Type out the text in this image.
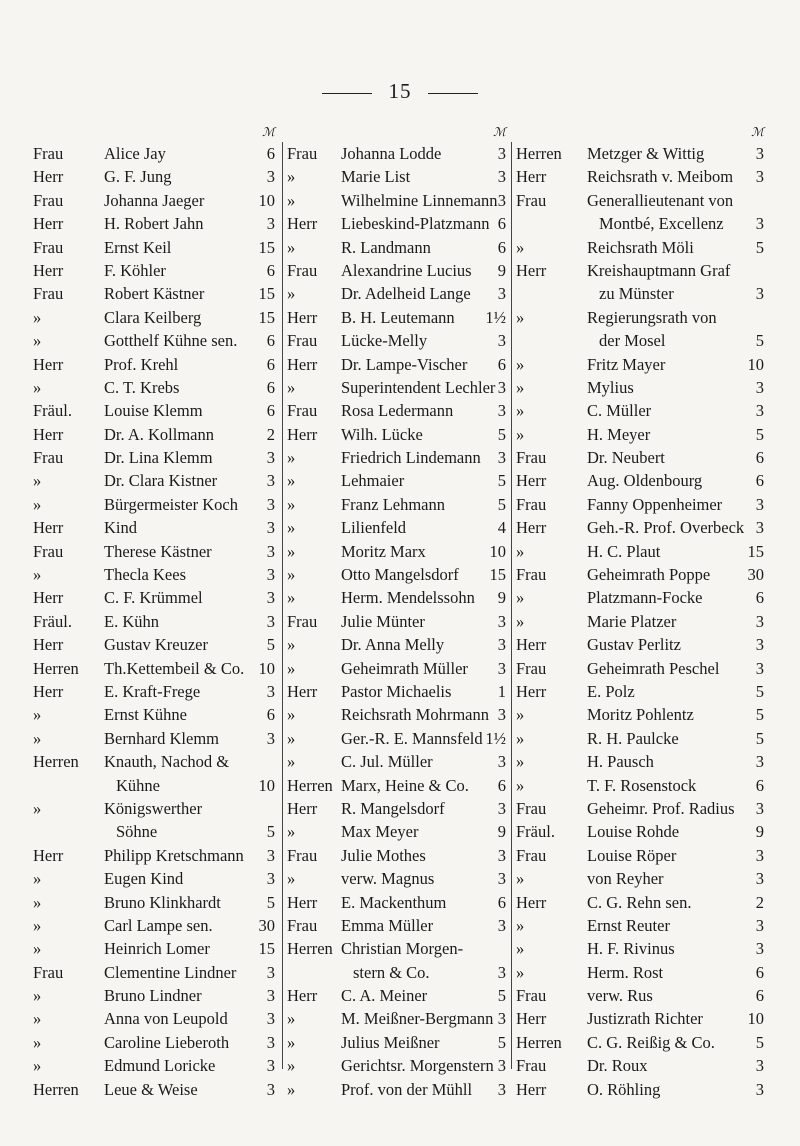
15
ℳ
Frau Alice Jay	6
Herr G. F. Jung	3
Frau Johanna Jaeger	10
Herr H. Robert Jahn	3
Frau Ernst Keil	15
Herr F. Köhler	6
Frau Robert Kästner	15
»	Clara Keilberg	15
»	Gotthelf Kühne sen. 6
Herr Prof. Krehl	6
»	C. T. Krebs	6
Fräul. Louise Klemm	6
Herr Dr. A. Kollmann	2
Frau Dr. Lina Klemm	3
»	Dr. Clara Kistner	3
»	Bürgermeister Koch 3
Herr Kind	3
Frau Therese Kästner	3
»	Thecla Kees	3
Herr C. F. Krümmel	3
Fräul. E. Kühn	3
Herr Gustav Kreuzer	5
Herren Th.Kettembeil & Co. 10
Herr E. Kraft-Frege	3
»	Ernst Kühne	6
»	Bernhard Klemm	3
Herren Knauth, Nachod &
Kühne	10
»	Königswerther
Söhne	5
Herr Philipp Kretschmann 3
»	Eugen Kind	3
»	Bruno Klinkhardt	5
»	Carl Lampe sen.	30
»	Heinrich Lomer	15
Frau Clementine Lindner 3
»	Bruno Lindner	3
»	Anna von Leupold 3
»	Caroline Lieberoth 3
»	Edmund Loricke	3
Herren Leue & Weise	3
ℳ
Frau Johanna Lodde	3
»	Marie List	3
»	Wilhelmine Linnemann 3
Herr Liebeskind-Platzmann 6
»	R. Landmann	6
Frau Alexandrine Lucius 9
»	Dr. Adelheid Lange 3
Herr B. H. Leutemann 1½
Frau Lücke-Melly	3
Herr Dr. Lampe-Vischer 6
»	Superintendent Lechler 3
Frau Rosa Ledermann	3
Herr Wilh. Lücke	5
»	Friedrich Lindemann 3
»	Lehmaier	5
»	Franz Lehmann	5
»	Lilienfeld	4
»	Moritz Marx	10
»	Otto Mangelsdorf 15
»	Herm. Mendelssohn 9
Frau Julie Münter	3
»	Dr. Anna Melly	3
»	Geheimrath Müller 3
Herr Pastor Michaelis	1
»	Reichsrath Mohrmann 3
»	Ger.-R. E. Mannsfeld 1½
»	C. Jul. Müller	3
Herren Marx, Heine & Co. 6
Herr R. Mangelsdorf	3
»	Max Meyer	9
Frau Julie Mothes	3
»	verw. Magnus	3
Herr E. Mackenthum	6
Frau Emma Müller	3
Herren Christian Morgen-
stern & Co.	3
Herr C. A. Meiner	5
»	M. Meißner-Bergmann 3
»	Julius Meißner	5
»	Gerichtsr. Morgenstern 3
»	Prof. von der Mühll 3
ℳ
Herren Metzger & Wittig	3
Herr Reichsrath v. Meibom 3
Frau Generallieutenant von
Montbé, Excellenz 3
»	Reichsrath Möli	5
Herr Kreishauptmann Graf
zu Münster	3
»	Regierungsrath von
der Mosel	5
»	Fritz Mayer	10
»	Mylius	3
»	C. Müller	3
»	H. Meyer	5
Frau Dr. Neubert	6
Herr Aug. Oldenbourg	6
Frau Fanny Oppenheimer 3
Herr Geh.-R. Prof. Overbeck 3
»	H. C. Plaut	15
Frau Geheimrath Poppe 30
»	Platzmann-Focke	6
»	Marie Platzer	3
Herr Gustav Perlitz	3
Frau Geheimrath Peschel 3
Herr E. Polz	5
»	Moritz Pohlentz	5
»	R. H. Paulcke	5
»	H. Pausch	3
»	T. F. Rosenstock	6
Frau Geheimr. Prof. Radius 3
Fräul. Louise Rohde	9
Frau Louise Röper	3
»	von Reyher	3
Herr C. G. Rehn sen.	2
»	Ernst Reuter	3
»	H. F. Rivinus	3
»	Herm. Rost	6
Frau verw. Rus	6
Herr Justizrath Richter	10
Herren C. G. Reißig & Co. 5
Frau Dr. Roux	3
Herr O. Röhling	3
